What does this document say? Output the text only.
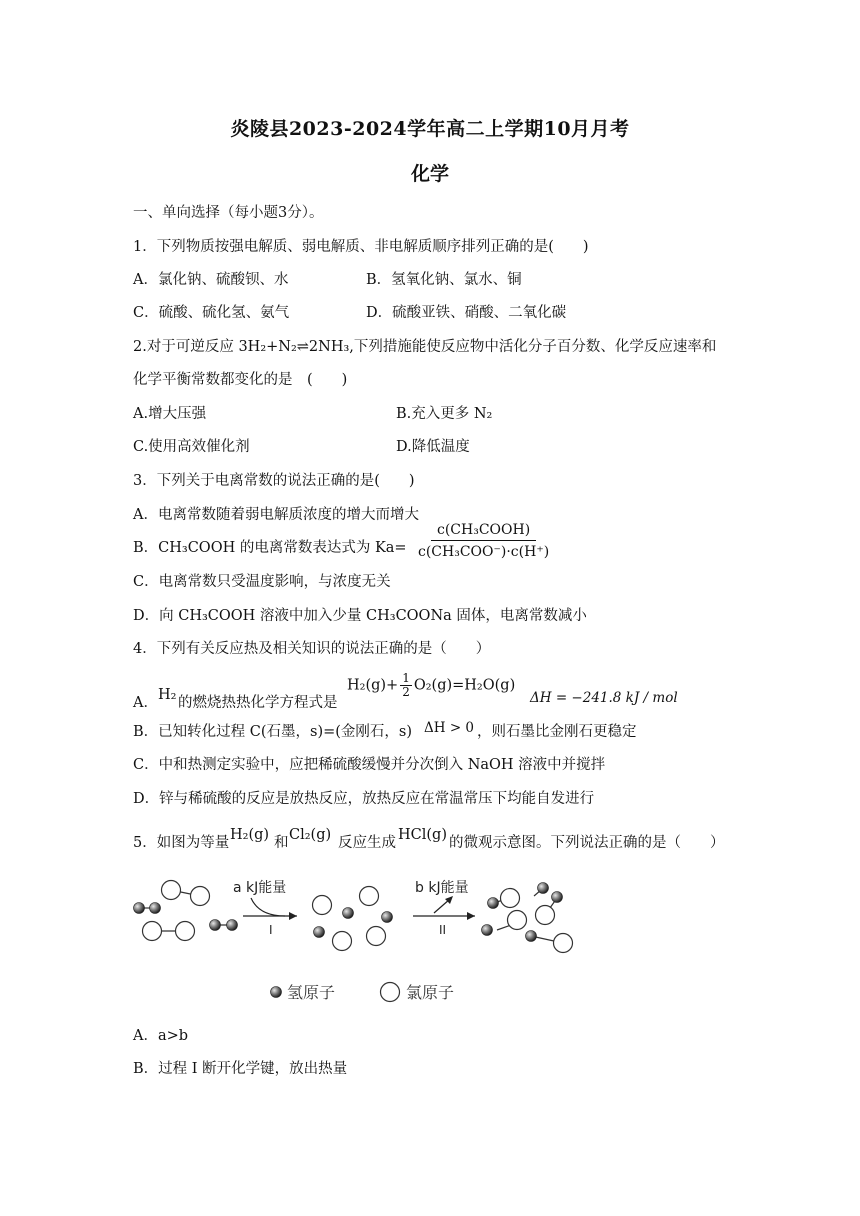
炎陵县2023-2024学年高二上学期10月月考
化学
一、单向选择（每小题3分）。
1．下列物质按强电解质、弱电解质、非电解质顺序排列正确的是(　　)
A．氯化钠、硫酸钡、水	B．氢氧化钠、氯水、铜
C．硫酸、硫化氢、氨气	D．硫酸亚铁、硝酸、二氧化碳
2.对于可逆反应 3H₂+N₂⇌2NH₃,下列措施能使反应物中活化分子百分数、化学反应速率和
化学平衡常数都变化的是　(　　)
A.增大压强	B.充入更多 N₂
C.使用高效催化剂	D.降低温度
3．下列关于电离常数的说法正确的是(　　)
A．电离常数随着弱电解质浓度的增大而增大
B．CH₃COOH 的电离常数表达式为 $Ka= \frac{\text{c(CH₃COOH)}}{\text{c(CH₃COO⁻)·c(H⁺)}}$
C．电离常数只受温度影响，与浓度无关
D．向 CH₃COOH 溶液中加入少量 CH₃COONa 固体，电离常数减小
4．下列有关反应热及相关知识的说法正确的是（　　）
A． H₂ 的燃烧热热化学方程式是
$H_2(g)+ \frac{1}{2} O_2(g)=H_2O(g)$
ΔH = −241.8 kJ / mol
B．已知转化过程 C(石墨，s)=(金刚石，s) ΔH > 0 ，则石墨比金刚石更稳定
C．中和热测定实验中，应把稀硫酸缓慢并分次倒入 NaOH 溶液中并搅拌
D．锌与稀硫酸的反应是放热反应，放热反应在常温常压下均能自发进行
5．如图为等量 H₂(g) 和 Cl₂(g) 反应生成 HCl(g) 的微观示意图。下列说法正确的是（　　）
a kJ能量
I
b kJ能量
II
氢原子	氯原子
A．a>b
B．过程 I 断开化学键，放出热量
